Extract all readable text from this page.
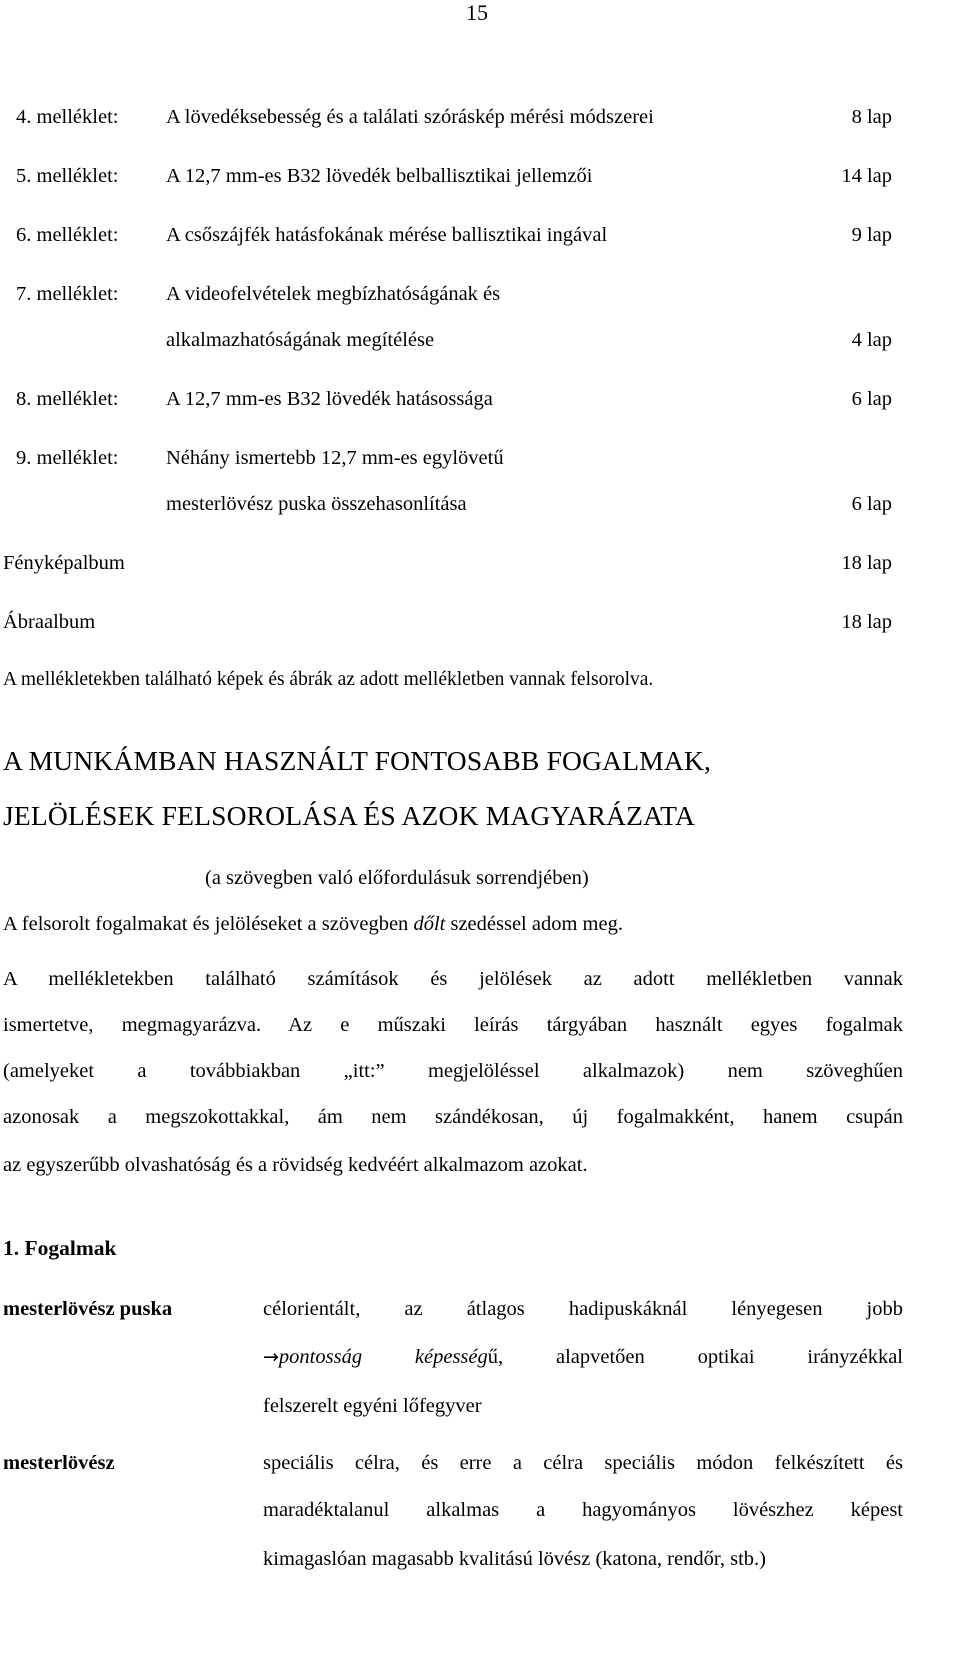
15
4. melléklet: A lövedéksebesség és a találati szóráskép mérési módszerei	8 lap
5. melléklet: A 12,7 mm-es B32 lövedék belballisztikai jellemzői	14 lap
6. melléklet: A csőszájfék hatásfokának mérése ballisztikai ingával	9 lap
7. melléklet: A videofelvételek megbízhatóságának és
alkalmazhatóságának megítélése	4 lap
8. melléklet: A 12,7 mm-es B32 lövedék hatásossága	6 lap
9. melléklet: Néhány ismertebb 12,7 mm-es egylövetű
mesterlövész puska összehasonlítása	6 lap
Fényképalbum	18 lap
Ábraalbum	18 lap
A mellékletekben található képek és ábrák az adott mellékletben vannak felsorolva.
A MUNKÁMBAN HASZNÁLT FONTOSABB FOGALMAK,
JELÖLÉSEK FELSOROLÁSA ÉS AZOK MAGYARÁZATA
(a szövegben való előfordulásuk sorrendjében)
A felsorolt fogalmakat és jelöléseket a szövegben dőlt szedéssel adom meg.
A mellékletekben található számítások és jelölések az adott mellékletben vannak
ismertetve, megmagyarázva. Az e műszaki leírás tárgyában használt egyes fogalmak
(amelyeket a továbbiakban „itt:” megjelöléssel alkalmazok) nem szöveghűen
azonosak a megszokottakkal, ám nem szándékosan, új fogalmakként, hanem csupán
az egyszerűbb olvashatóság és a rövidség kedvéért alkalmazom azokat.
1. Fogalmak
mesterlövész puska	célorientált, az átlagos hadipuskáknál lényegesen jobb
→pontosság képességű, alapvetően optikai irányzékkal
felszerelt egyéni lőfegyver
mesterlövész	speciális célra, és erre a célra speciális módon felkészített és
maradéktalanul alkalmas a hagyományos lövészhez képest
kimagaslóan magasabb kvalitású lövész (katona, rendőr, stb.)
